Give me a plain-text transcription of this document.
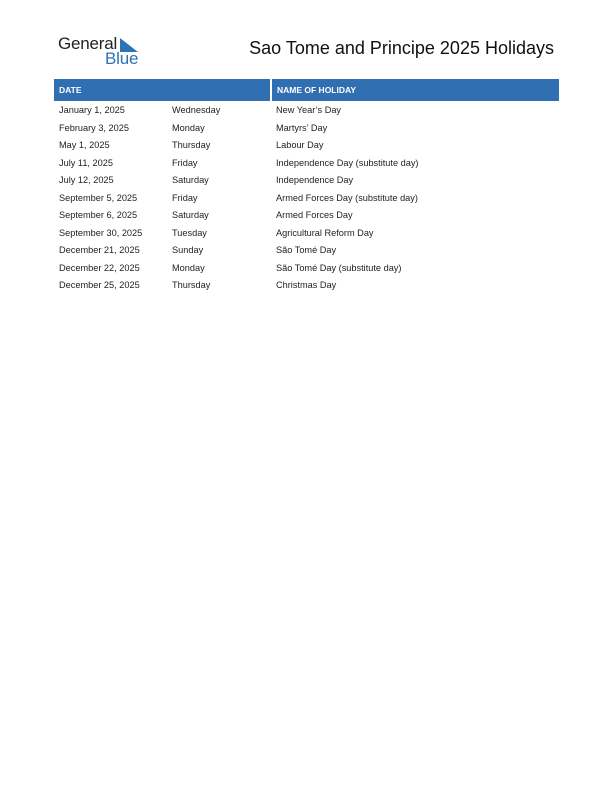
General
Blue
Sao Tome and Principe 2025 Holidays
DATE	NAME OF HOLIDAY
January 1, 2025	Wednesday	New Year’s Day
February 3, 2025	Monday	Martyrs’ Day
May 1, 2025	Thursday	Labour Day
July 11, 2025	Friday	Independence Day (substitute day)
July 12, 2025	Saturday	Independence Day
September 5, 2025	Friday	Armed Forces Day (substitute day)
September 6, 2025	Saturday	Armed Forces Day
September 30, 2025	Tuesday	Agricultural Reform Day
December 21, 2025	Sunday	São Tomé Day
December 22, 2025	Monday	São Tomé Day (substitute day)
December 25, 2025	Thursday	Christmas Day
